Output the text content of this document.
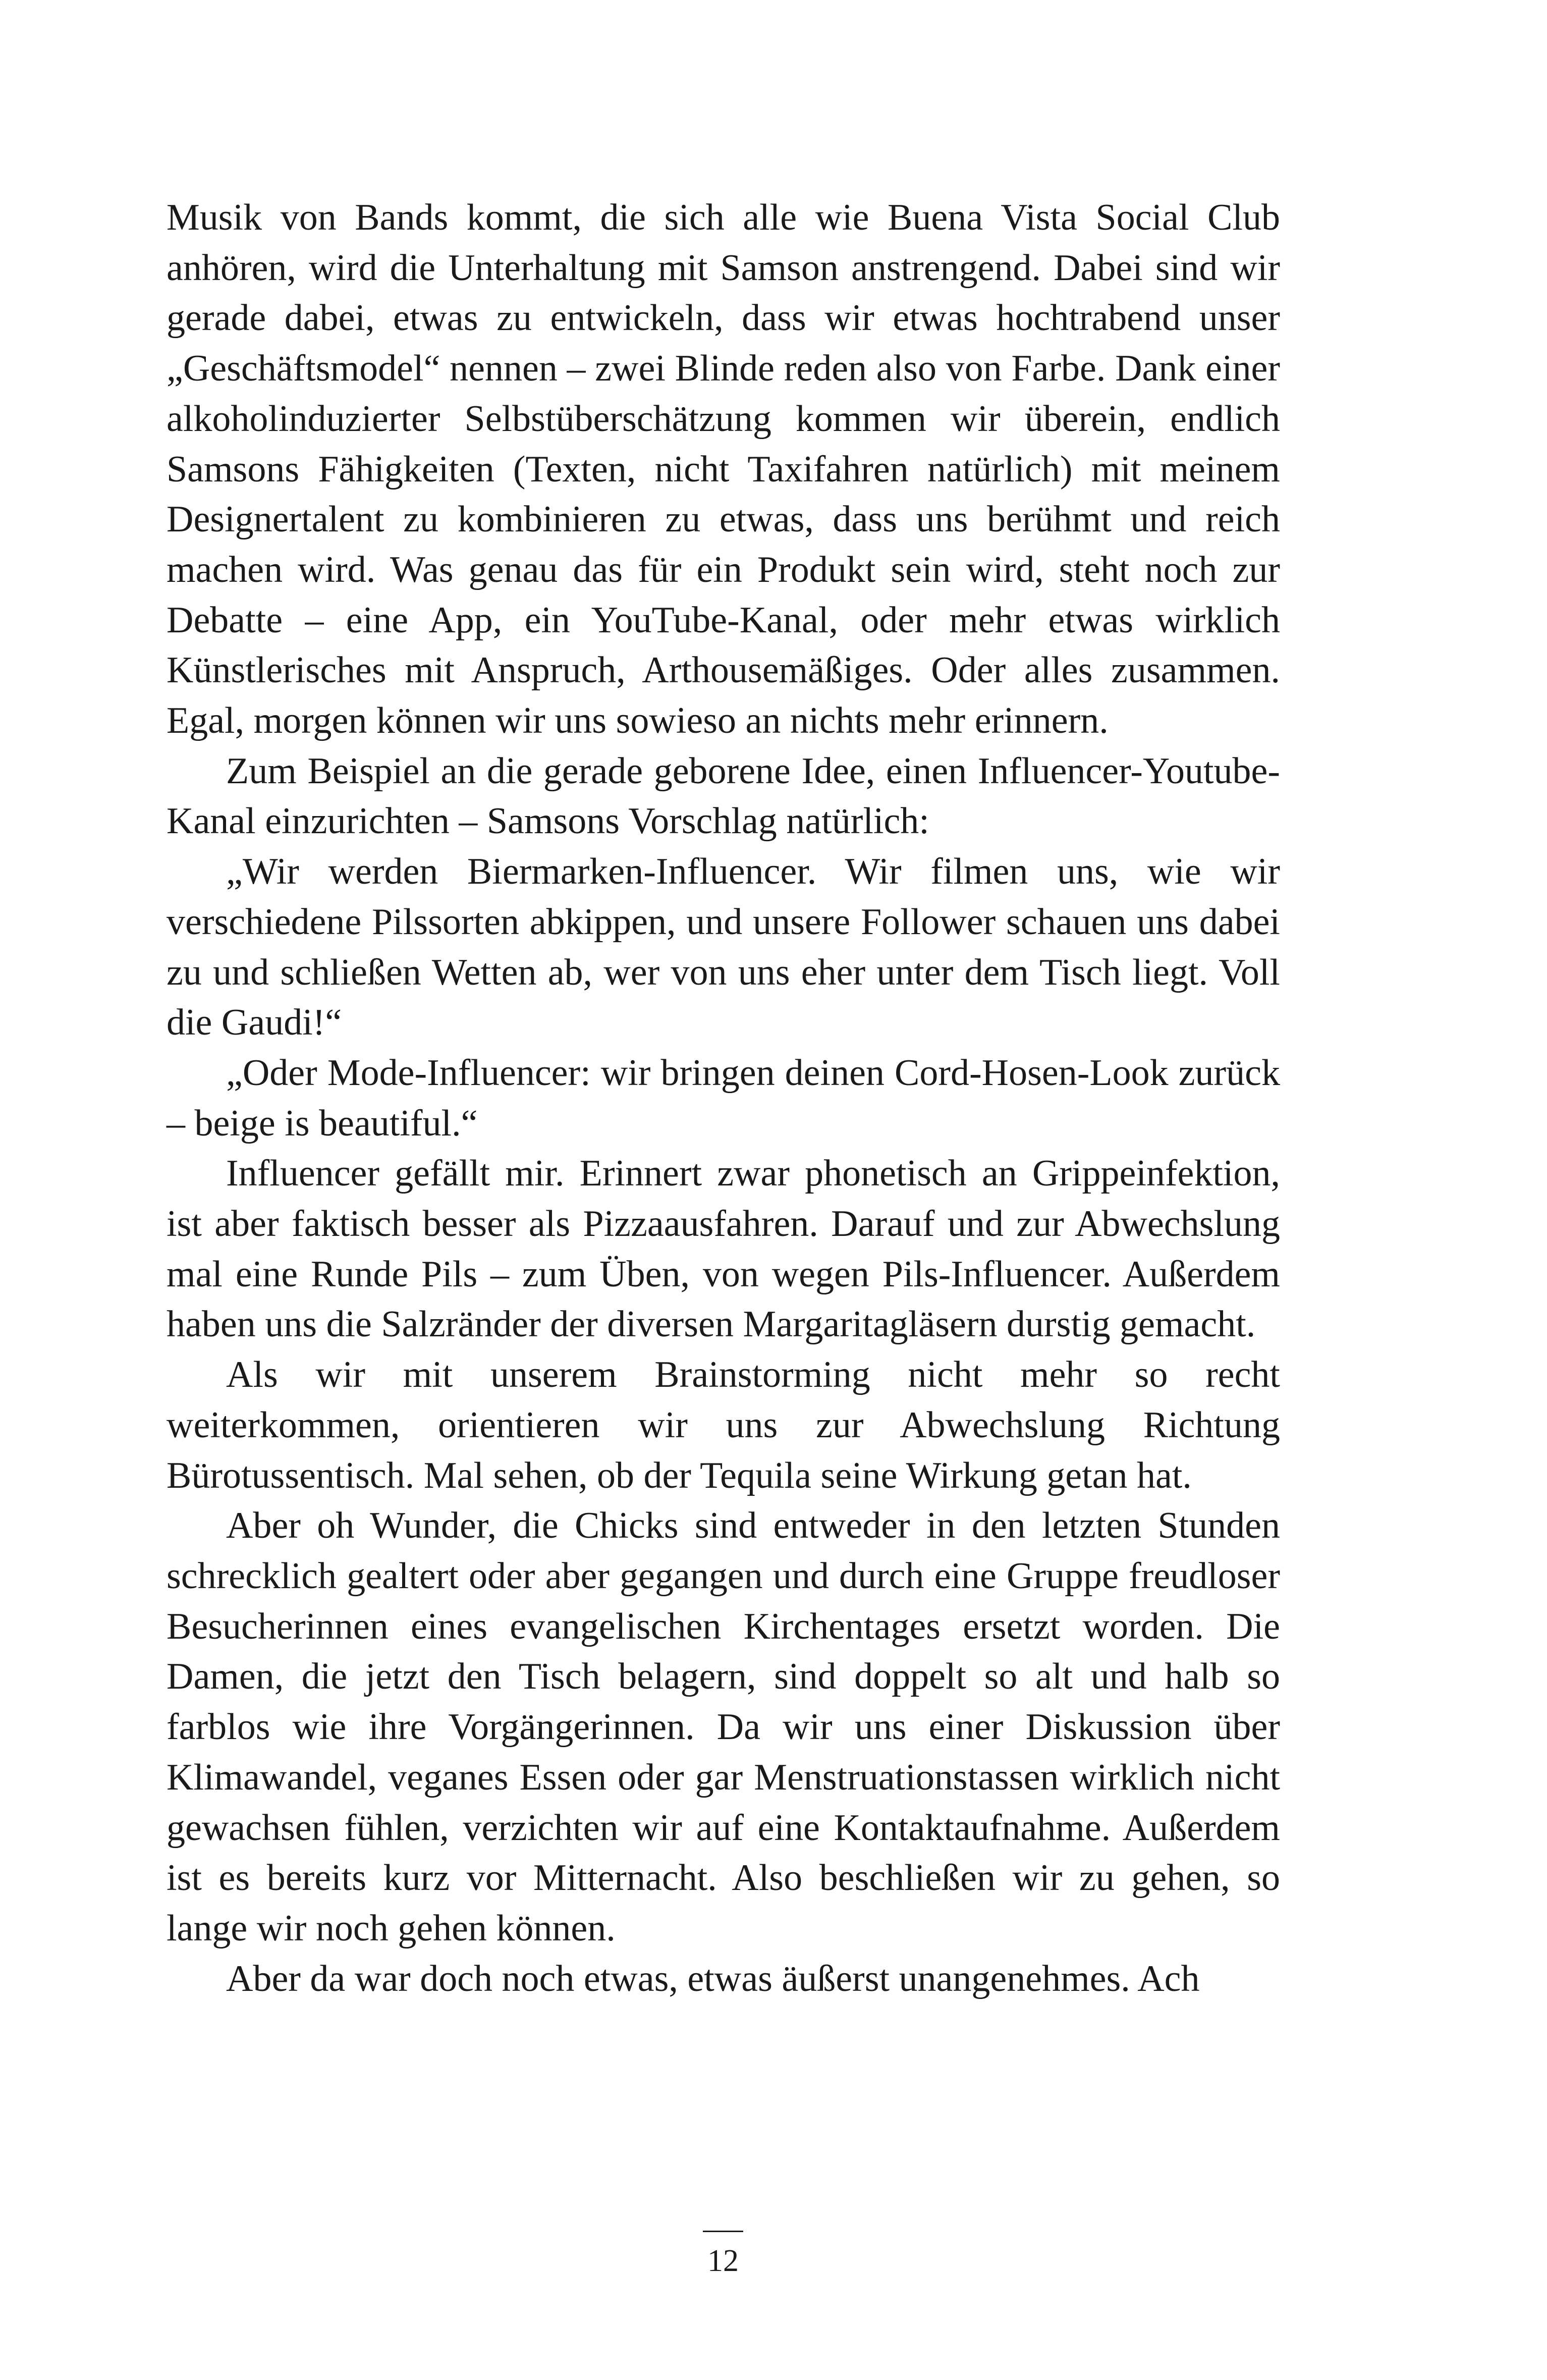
Musik von Bands kommt, die sich alle wie Buena Vista Social Club anhören, wird die Unterhaltung mit Samson anstrengend. Dabei sind wir gerade dabei, etwas zu entwickeln, dass wir etwas hochtrabend unser „Geschäftsmodel“ nennen – zwei Blinde reden also von Farbe. Dank einer alkoholinduzierter Selbstüberschätzung kommen wir überein, endlich Samsons Fähigkeiten (Texten, nicht Taxifahren natürlich) mit meinem Designertalent zu kombinieren zu etwas, dass uns berühmt und reich machen wird. Was genau das für ein Produkt sein wird, steht noch zur Debatte – eine App, ein YouTube-Kanal, oder mehr etwas wirklich Künstlerisches mit Anspruch, Arthousemäßiges. Oder alles zusammen. Egal, morgen können wir uns sowieso an nichts mehr erinnern.

Zum Beispiel an die gerade geborene Idee, einen Influencer-Youtube-Kanal einzurichten – Samsons Vorschlag natürlich:

„Wir werden Biermarken-Influencer. Wir filmen uns, wie wir verschiedene Pilssorten abkippen, und unsere Follower schauen uns dabei zu und schließen Wetten ab, wer von uns eher unter dem Tisch liegt. Voll die Gaudi!“

„Oder Mode-Influencer: wir bringen deinen Cord-Hosen-Look zurück – beige is beautiful.“

Influencer gefällt mir. Erinnert zwar phonetisch an Grippeinfektion, ist aber faktisch besser als Pizzaausfahren. Darauf und zur Abwechslung mal eine Runde Pils – zum Üben, von wegen Pils-Influencer. Außerdem haben uns die Salzränder der diversen Margaritagläsern durstig gemacht.

Als wir mit unserem Brainstorming nicht mehr so recht weiterkommen, orientieren wir uns zur Abwechslung Richtung Bürotussentisch. Mal sehen, ob der Tequila seine Wirkung getan hat.

Aber oh Wunder, die Chicks sind entweder in den letzten Stunden schrecklich gealtert oder aber gegangen und durch eine Gruppe freudloser Besucherinnen eines evangelischen Kirchentages ersetzt worden. Die Damen, die jetzt den Tisch belagern, sind doppelt so alt und halb so farblos wie ihre Vorgängerinnen. Da wir uns einer Diskussion über Klimawandel, veganes Essen oder gar Menstruationstassen wirklich nicht gewachsen fühlen, verzichten wir auf eine Kontaktaufnahme. Außerdem ist es bereits kurz vor Mitternacht. Also beschließen wir zu gehen, so lange wir noch gehen können.

Aber da war doch noch etwas, etwas äußerst unangenehmes. Ach

12
